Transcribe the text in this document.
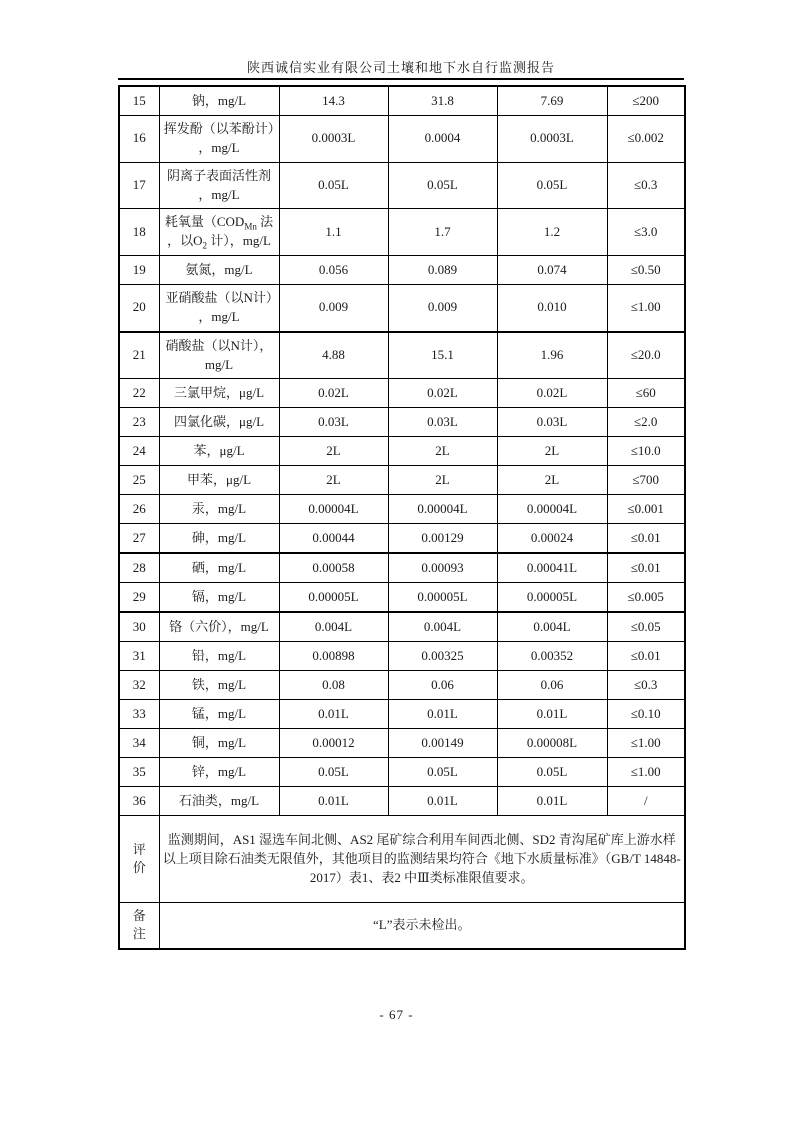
陕西诚信实业有限公司土壤和地下水自行监测报告
15	钠，mg/L	14.3	31.8	7.69	≤200
16	挥发酚（以苯酚计），mg/L	0.0003L	0.0004	0.0003L	≤0.002
17	阴离子表面活性剂，mg/L	0.05L	0.05L	0.05L	≤0.3
18	耗氧量（$COD_{Mn}$ 法，以$O_2$ 计），mg/L	1.1	1.7	1.2	≤3.0
19	氨氮，mg/L	0.056	0.089	0.074	≤0.50
20	亚硝酸盐（以N计），mg/L	0.009	0.009	0.010	≤1.00
21	硝酸盐（以N计），mg/L	4.88	15.1	1.96	≤20.0
22	三氯甲烷，μg/L	0.02L	0.02L	0.02L	≤60
23	四氯化碳，μg/L	0.03L	0.03L	0.03L	≤2.0
24	苯，μg/L	2L	2L	2L	≤10.0
25	甲苯，μg/L	2L	2L	2L	≤700
26	汞，mg/L	0.00004L	0.00004L	0.00004L	≤0.001
27	砷，mg/L	0.00044	0.00129	0.00024	≤0.01
28	硒，mg/L	0.00058	0.00093	0.00041L	≤0.01
29	镉，mg/L	0.00005L	0.00005L	0.00005L	≤0.005
30	铬（六价），mg/L	0.004L	0.004L	0.004L	≤0.05
31	铅，mg/L	0.00898	0.00325	0.00352	≤0.01
32	铁，mg/L	0.08	0.06	0.06	≤0.3
33	锰，mg/L	0.01L	0.01L	0.01L	≤0.10
34	铜，mg/L	0.00012	0.00149	0.00008L	≤1.00
35	锌，mg/L	0.05L	0.05L	0.05L	≤1.00
36	石油类，mg/L	0.01L	0.01L	0.01L	/
评价	监测期间，AS1 湿选车间北侧、AS2 尾矿综合利用车间西北侧、SD2 青沟尾矿库上游水样以上项目除石油类无限值外，其他项目的监测结果均符合《地下水质量标准》（GB/T 14848-2017）表1、表2 中Ⅲ类标准限值要求。				
备注	“L”表示未检出。				
- 67 -
